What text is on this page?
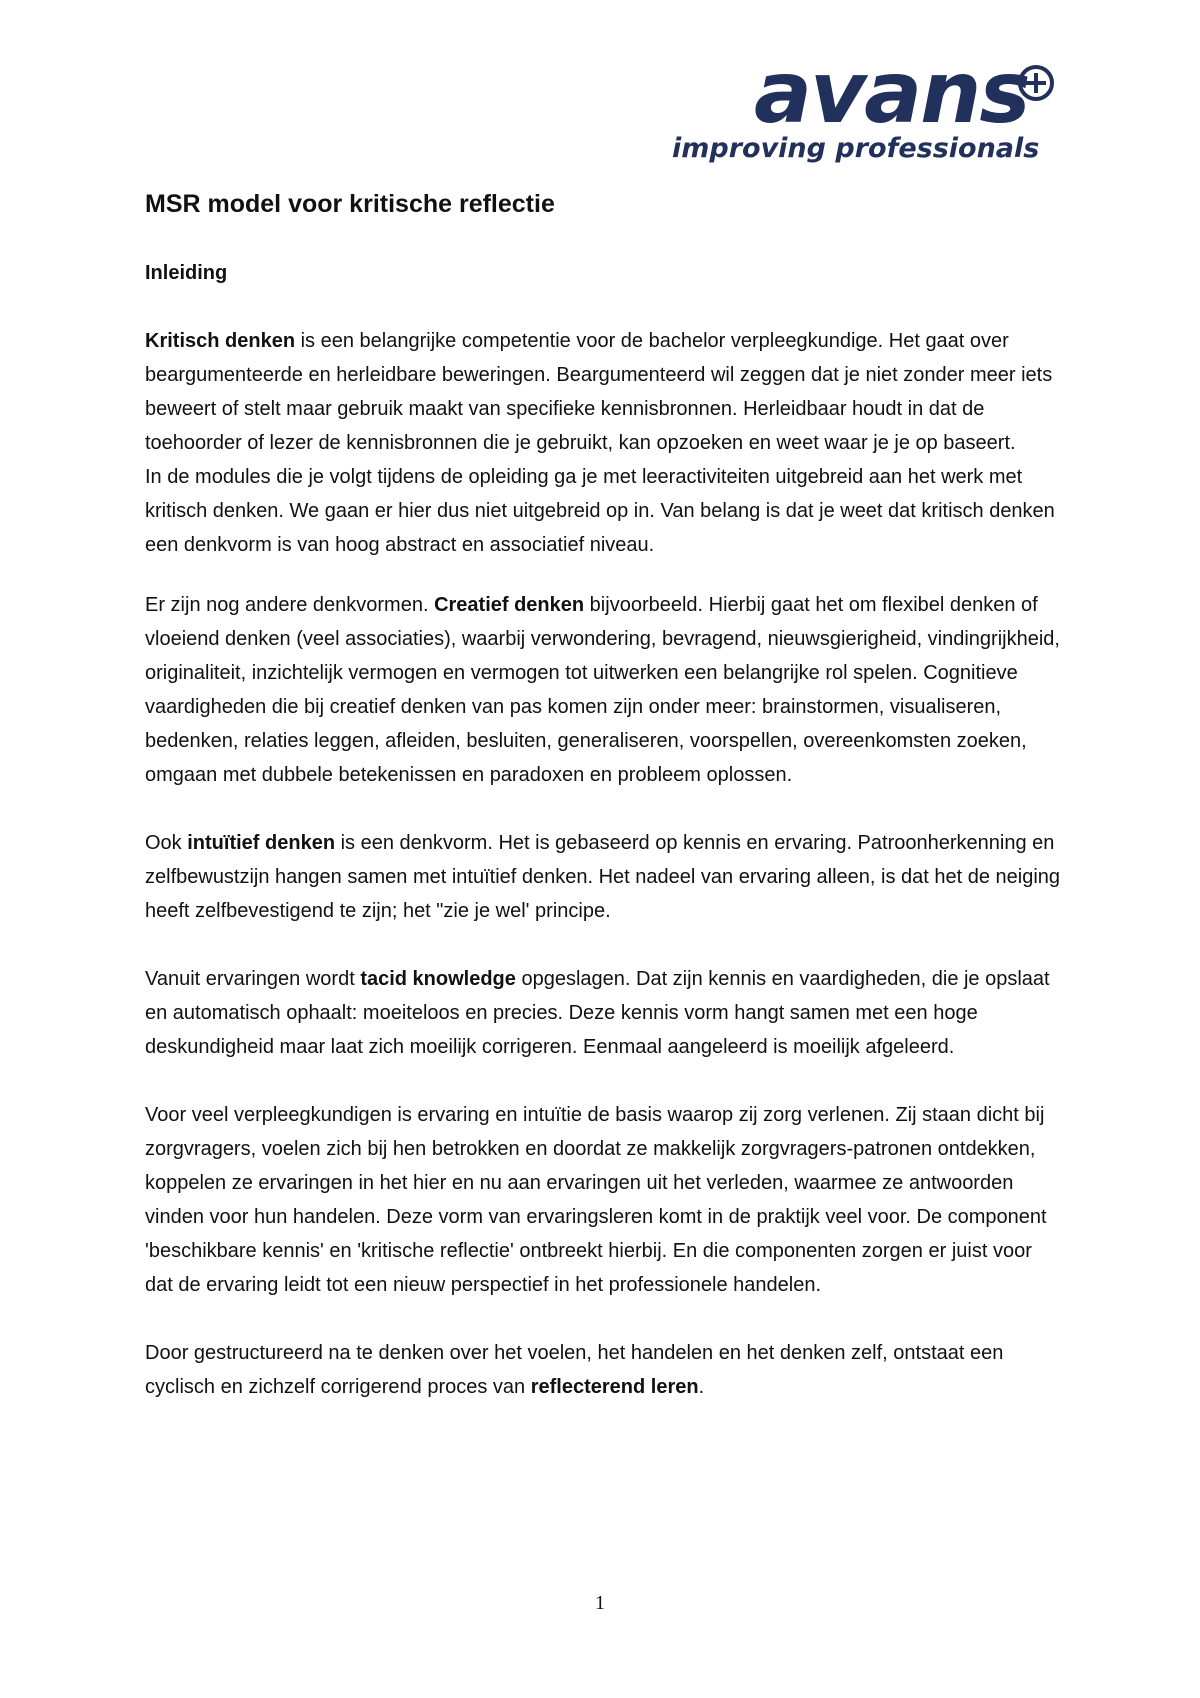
avans
improving professionals
MSR model voor kritische reflectie
Inleiding

Kritisch denken is een belangrijke competentie voor de bachelor verpleegkundige. Het gaat over beargumenteerde en herleidbare beweringen. Beargumenteerd wil zeggen dat je niet zonder meer iets beweert of stelt maar gebruik maakt van specifieke kennisbronnen. Herleidbaar houdt in dat de toehoorder of lezer de kennisbronnen die je gebruikt, kan opzoeken en weet waar je je op baseert.

In de modules die je volgt tijdens de opleiding ga je met leeractiviteiten uitgebreid aan het werk met kritisch denken. We gaan er hier dus niet uitgebreid op in. Van belang is dat je weet dat kritisch denken een denkvorm is van hoog abstract en associatief niveau.

Er zijn nog andere denkvormen. Creatief denken bijvoorbeeld. Hierbij gaat het om flexibel denken of vloeiend denken (veel associaties), waarbij verwondering, bevragend, nieuwsgierigheid, vindingrijkheid, originaliteit, inzichtelijk vermogen en vermogen tot uitwerken een belangrijke rol spelen. Cognitieve vaardigheden die bij creatief denken van pas komen zijn onder meer: brainstormen, visualiseren, bedenken, relaties leggen, afleiden, besluiten, generaliseren, voorspellen, overeenkomsten zoeken, omgaan met dubbele betekenissen en paradoxen en probleem oplossen.

Ook intuïtief denken is een denkvorm. Het is gebaseerd op kennis en ervaring. Patroonherkenning en zelfbewustzijn hangen samen met intuïtief denken. Het nadeel van ervaring alleen, is dat het de neiging heeft zelfbevestigend te zijn; het "zie je wel' principe.

Vanuit ervaringen wordt tacid knowledge opgeslagen. Dat zijn kennis en vaardigheden, die je opslaat en automatisch ophaalt: moeiteloos en precies. Deze kennis vorm hangt samen met een hoge deskundigheid maar laat zich moeilijk corrigeren. Eenmaal aangeleerd is moeilijk afgeleerd.

Voor veel verpleegkundigen is ervaring en intuïtie de basis waarop zij zorg verlenen. Zij staan dicht bij zorgvragers, voelen zich bij hen betrokken en doordat ze makkelijk zorgvragers-patronen ontdekken, koppelen ze ervaringen in het hier en nu aan ervaringen uit het verleden, waarmee ze antwoorden vinden voor hun handelen. Deze vorm van ervaringsleren komt in de praktijk veel voor. De component 'beschikbare kennis' en 'kritische reflectie' ontbreekt hierbij. En die componenten zorgen er juist voor dat de ervaring leidt tot een nieuw perspectief in het professionele handelen.

Door gestructureerd na te denken over het voelen, het handelen en het denken zelf, ontstaat een cyclisch en zichzelf corrigerend proces van reflecterend leren.

1
